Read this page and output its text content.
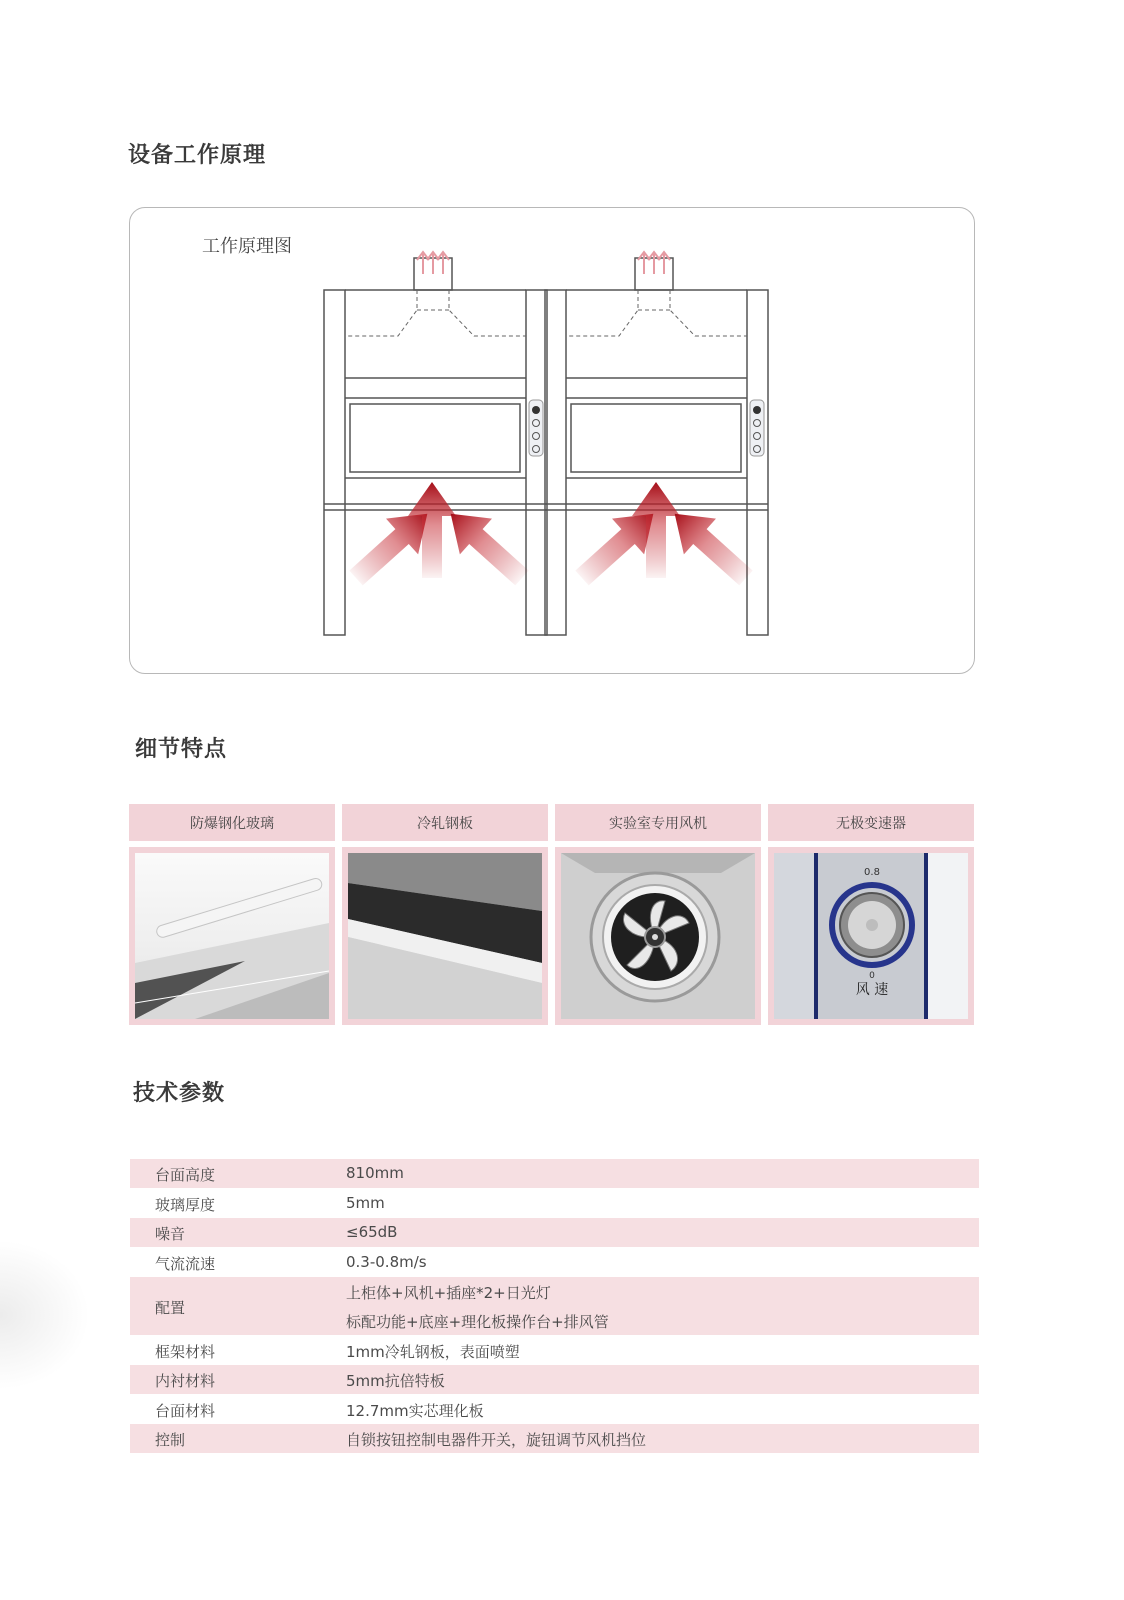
设备工作原理
工作原理图
细节特点
防爆钢化玻璃	冷轧钢板	实验室专用风机	无极变速器
0.8
0
风 速
技术参数
台面高度	810mm
玻璃厚度	5mm
噪音	≤65dB
气流流速	0.3-0.8m/s
配置
上柜体+风机+插座*2+日光灯
标配功能+底座+理化板操作台+排风管
框架材料	1mm冷轧钢板，表面喷塑
内衬材料	5mm抗倍特板
台面材料	12.7mm实芯理化板
控制	自锁按钮控制电器件开关，旋钮调节风机挡位
